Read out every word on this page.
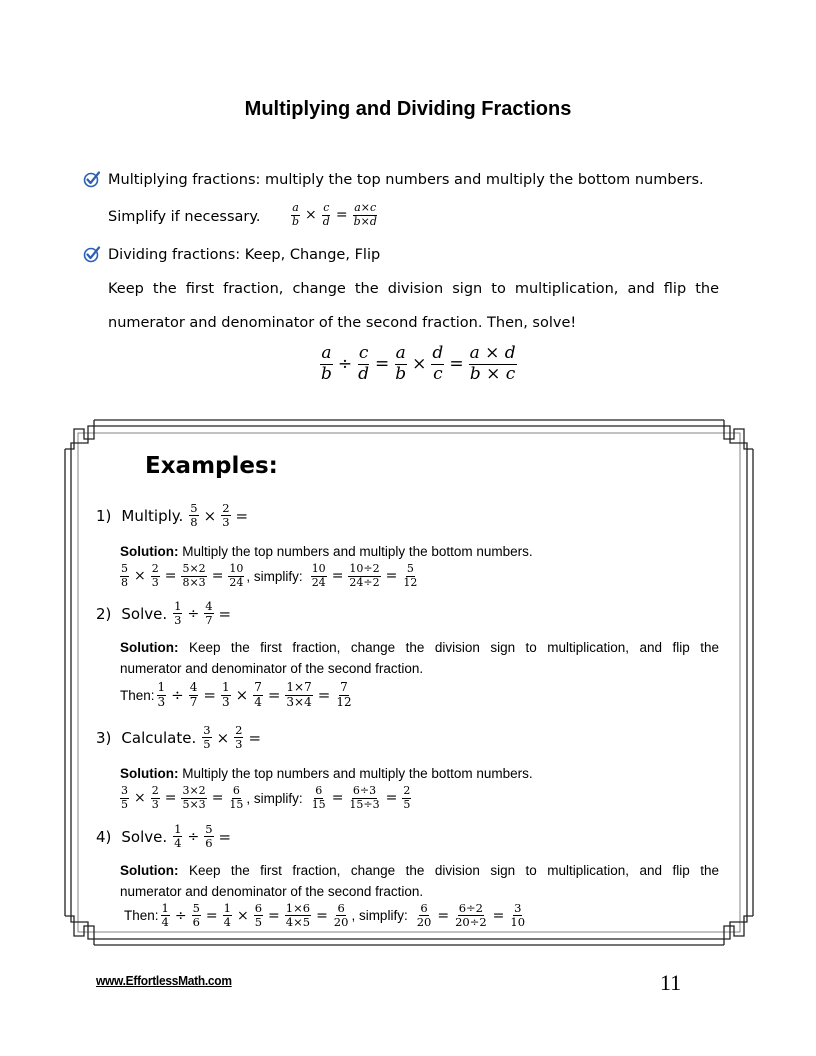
Multiplying and Dividing Fractions
Multiplying fractions: multiply the top numbers and multiply the bottom numbers.
Simplify if necessary.	$\frac{a}{b} \times \frac{c}{d} = \frac{a\times c}{b\times d}$
Dividing fractions: Keep, Change, Flip
Keep the first fraction, change the division sign to multiplication, and flip the
numerator and denominator of the second fraction. Then, solve!
$\frac{a}{b} \div \frac{c}{d} = \frac{a}{b} \times \frac{d}{c} = \frac{a \times d}{b \times c}$
Examples:
1) Multiply. $\frac{5}{8} \times \frac{2}{3}$ =
Solution: Multiply the top numbers and multiply the bottom numbers.
$\frac{5}{8} \times \frac{2}{3} = \frac{5\times 2}{8\times 3} = \frac{10}{24}$ , simplify: $\frac{10}{24} = \frac{10\div 2}{24\div 2} = \frac{5}{12}$
2) Solve. $\frac{1}{3} \div \frac{4}{7}$ =
Solution: Keep the first fraction, change the division sign to multiplication, and flip the
numerator and denominator of the second fraction.
Then: $\frac{1}{3} \div \frac{4}{7} = \frac{1}{3} \times \frac{7}{4} = \frac{1\times 7}{3\times 4} = \frac{7}{12}$
3) Calculate. $\frac{3}{5} \times \frac{2}{3}$ =
Solution: Multiply the top numbers and multiply the bottom numbers.
$\frac{3}{5} \times \frac{2}{3} = \frac{3\times 2}{5\times 3} = \frac{6}{15}$ , simplify: $\frac{6}{15} = \frac{6\div 3}{15\div 3} = \frac{2}{5}$
4) Solve. $\frac{1}{4} \div \frac{5}{6}$ =
Solution: Keep the first fraction, change the division sign to multiplication, and flip the
numerator and denominator of the second fraction.
Then: $\frac{1}{4} \div \frac{5}{6} = \frac{1}{4} \times \frac{6}{5} = \frac{1\times 6}{4\times 5} = \frac{6}{20}$ , simplify: $\frac{6}{20} = \frac{6\div 2}{20\div 2} = \frac{3}{10}$
www.EffortlessMath.com	11
